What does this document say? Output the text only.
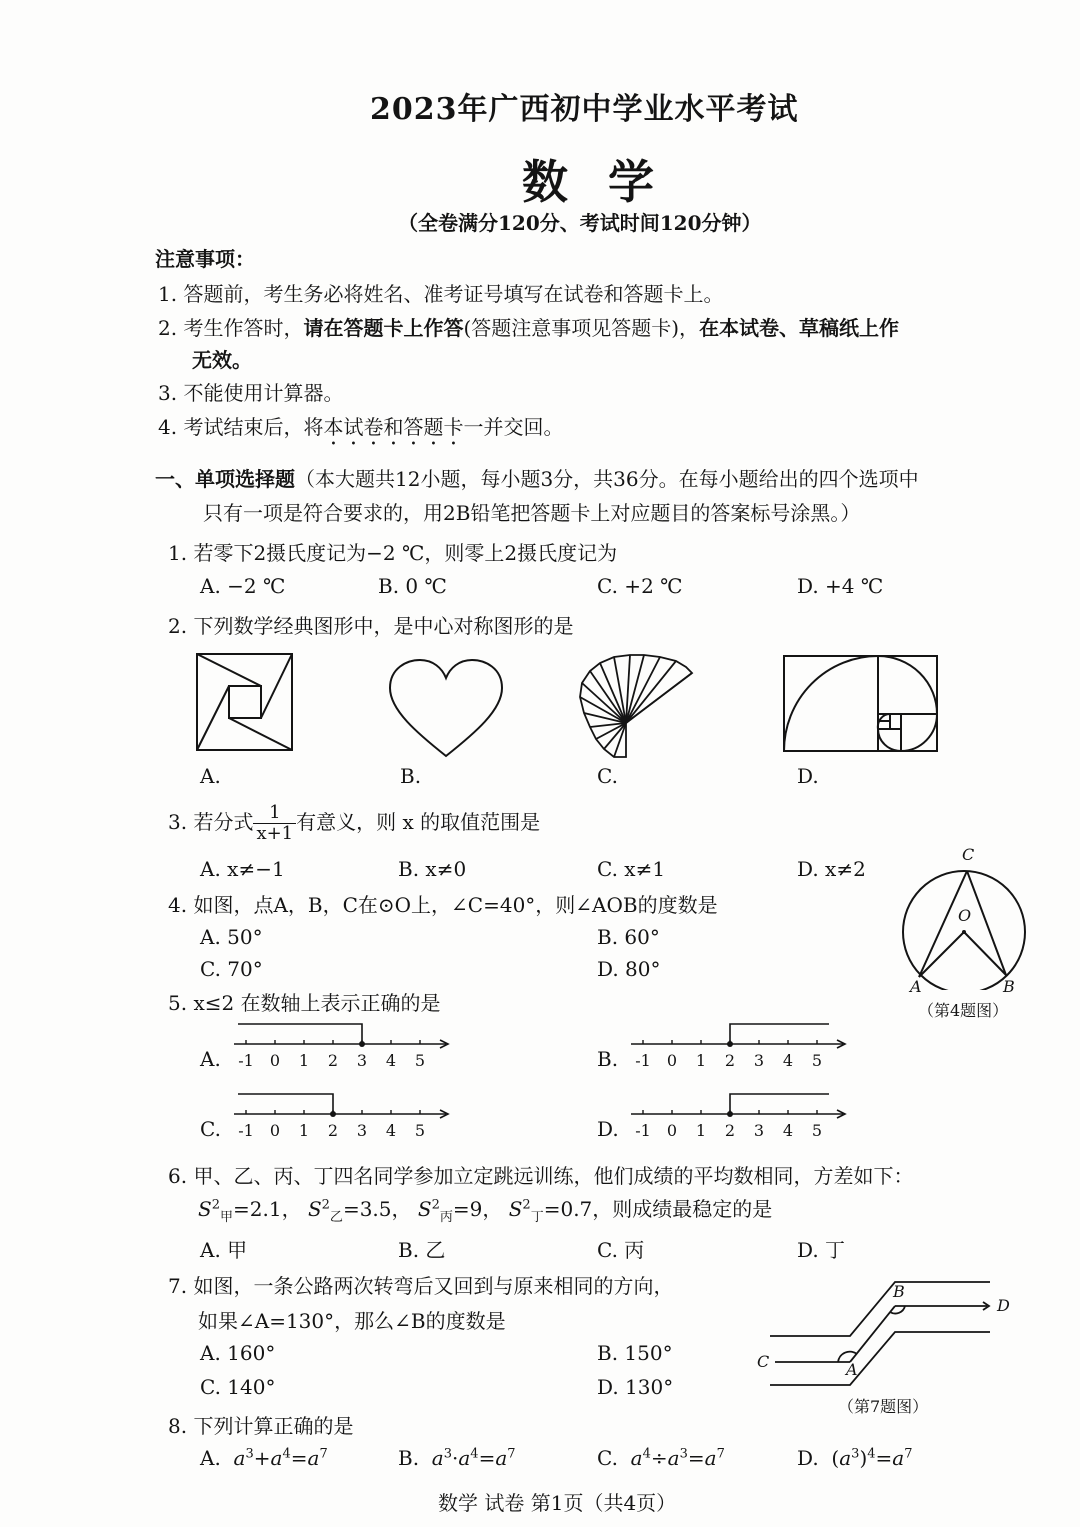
2023年广西初中学业水平考试
数学
（全卷满分120分、考试时间120分钟）
注意事项：
1. 答题前，考生务必将姓名、准考证号填写在试卷和答题卡上。
2. 考生作答时，请在答题卡上作答(答题注意事项见答题卡)，在本试卷、草稿纸上作
无效。
3. 不能使用计算器。
4. 考试结束后，将本试卷和答题卡一并交回。
一、单项选择题（本大题共12小题，每小题3分，共36分。在每小题给出的四个选项中
只有一项是符合要求的，用2B铅笔把答题卡上对应题目的答案标号涂黑。）
1. 若零下2摄氏度记为−2 ℃，则零上2摄氏度记为
A. −2 ℃	B. 0 ℃	C. +2 ℃	D. +4 ℃
2. 下列数学经典图形中，是中心对称图形的是
A.	B.	C.	D.
3. 若分式 $\frac{1}{x+1}$ 有意义，则 x 的取值范围是
A. x≠−1	B. x≠0	C. x≠1	D. x≠2
4. 如图，点A，B，C在⊙O上，∠C=40°，则∠AOB的度数是
A. 50°	B. 60°
C. 70°	D. 80°
C
O
A	B
（第4题图）
5. x≤2 在数轴上表示正确的是
A. -1 0 1 2 3 4 5	B. -1 0 1 2 3 4 5
C. -1 0 1 2 3 4 5	D. -1 0 1 2 3 4 5
6. 甲、乙、丙、丁四名同学参加立定跳远训练，他们成绩的平均数相同，方差如下：
$S^2_甲=2.1$， $S^2_乙=3.5$， $S^2_丙=9$， $S^2_丁=0.7$，则成绩最稳定的是
A. 甲	B. 乙	C. 丙	D. 丁
7. 如图，一条公路两次转弯后又回到与原来相同的方向，
如果∠A=130°，那么∠B的度数是
A. 160°	B. 150°
C. 140°	D. 130°
B
D
C	A
（第7题图）
8. 下列计算正确的是
A. $a^3+a^4=a^7$	B. $a^3\cdot a^4=a^7$	C. $a^4\div a^3=a^7$	D. $(a^3)^4=a^7$
数学 试卷 第1页（共4页）
